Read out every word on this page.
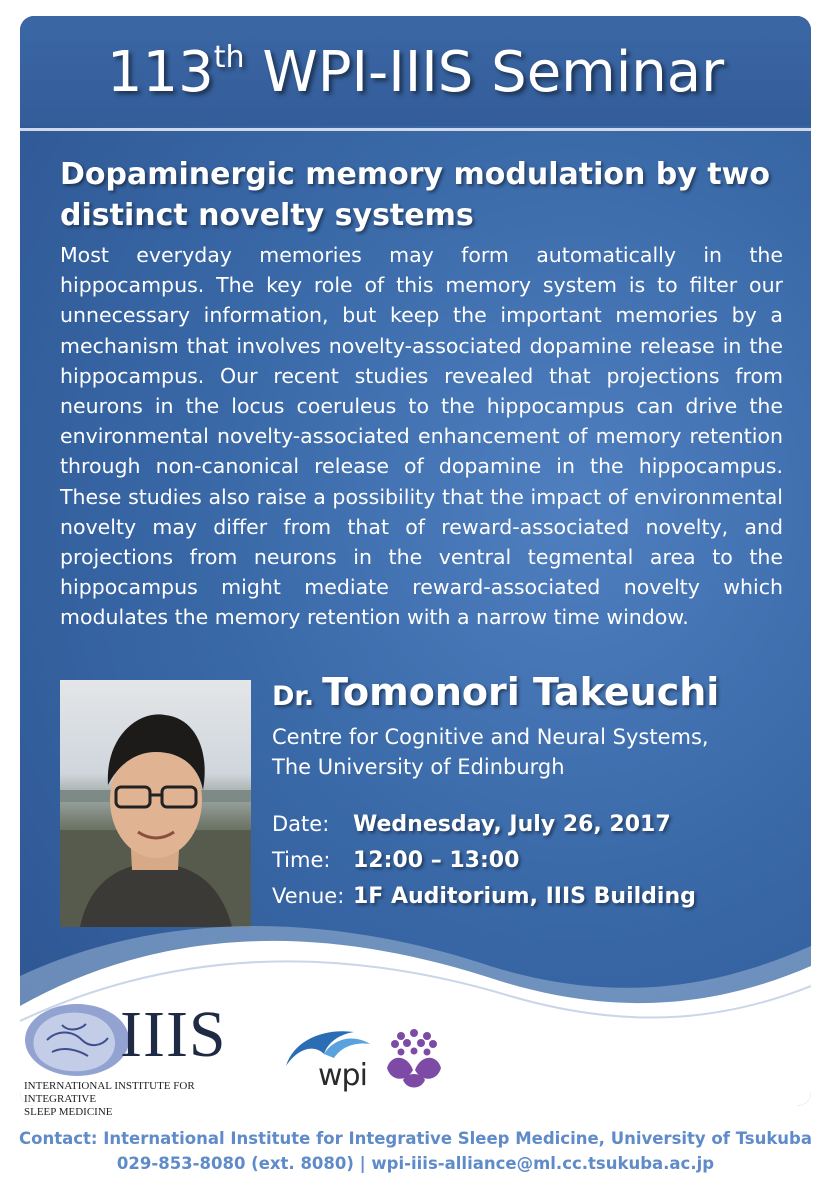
113th WPI-IIIS Seminar
Dopaminergic memory modulation by two
distinct novelty systems
Most everyday memories may form automatically in the hippocampus. The key role of this memory system is to filter our unnecessary information, but keep the important memories by a mechanism that involves novelty-associated dopamine release in the hippocampus. Our recent studies revealed that projections from neurons in the locus coeruleus to the hippocampus can drive the environmental novelty-associated enhancement of memory retention through non-canonical release of dopamine in the hippocampus. These studies also raise a possibility that the impact of environmental novelty may differ from that of reward-associated novelty, and projections from neurons in the ventral tegmental area to the hippocampus might mediate reward-associated novelty which modulates the memory retention with a narrow time window.
Dr. Tomonori Takeuchi
Centre for Cognitive and Neural Systems,
The University of Edinburgh
Date: Wednesday, July 26, 2017
Time: 12:00 – 13:00
Venue: 1F Auditorium, IIIS Building
IIIS
INTERNATIONAL INSTITUTE FOR INTEGRATIVE
SLEEP MEDICINE
wpi
Contact: International Institute for Integrative Sleep Medicine, University of Tsukuba
029-853-8080 (ext. 8080) | wpi-iiis-alliance@ml.cc.tsukuba.ac.jp
